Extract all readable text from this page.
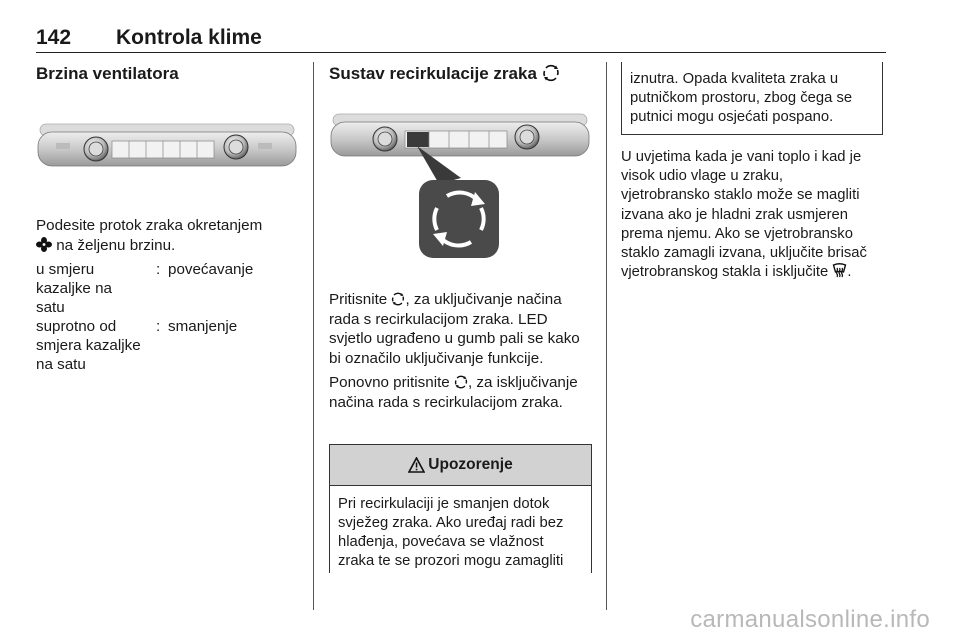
142 Kontrola klime
Brzina ventilatora

Podesite protok zraka okretanjem
na željenu brzinu.

u smjeru
kazaljke na
satu
: povećavanje
suprotno od
smjera kazaljke
na satu
: smanjenje
Sustav recirkulacije zraka

Pritisnite , za uključivanje načina
rada s recirkulacijom zraka. LED
svjetlo ugrađeno u gumb pali se kako
bi označilo uključivanje funkcije.

Ponovno pritisnite , za isključivanje
načina rada s recirkulacijom zraka.

Upozorenje
Pri recirkulaciji je smanjen dotok
svježeg zraka. Ako uređaj radi bez
hlađenja, povećava se vlažnost
zraka te se prozori mogu zamagliti
iznutra. Opada kvaliteta zraka u
putničkom prostoru, zbog čega se
putnici mogu osjećati pospano.

U uvjetima kada je vani toplo i kad je
visok udio vlage u zraku,
vjetrobransko staklo može se magliti
izvana ako je hladni zrak usmjeren
prema njemu. Ako se vjetrobransko
staklo zamagli izvana, uključite brisač
vjetrobranskog stakla i isključite .

carmanualsonline.info
